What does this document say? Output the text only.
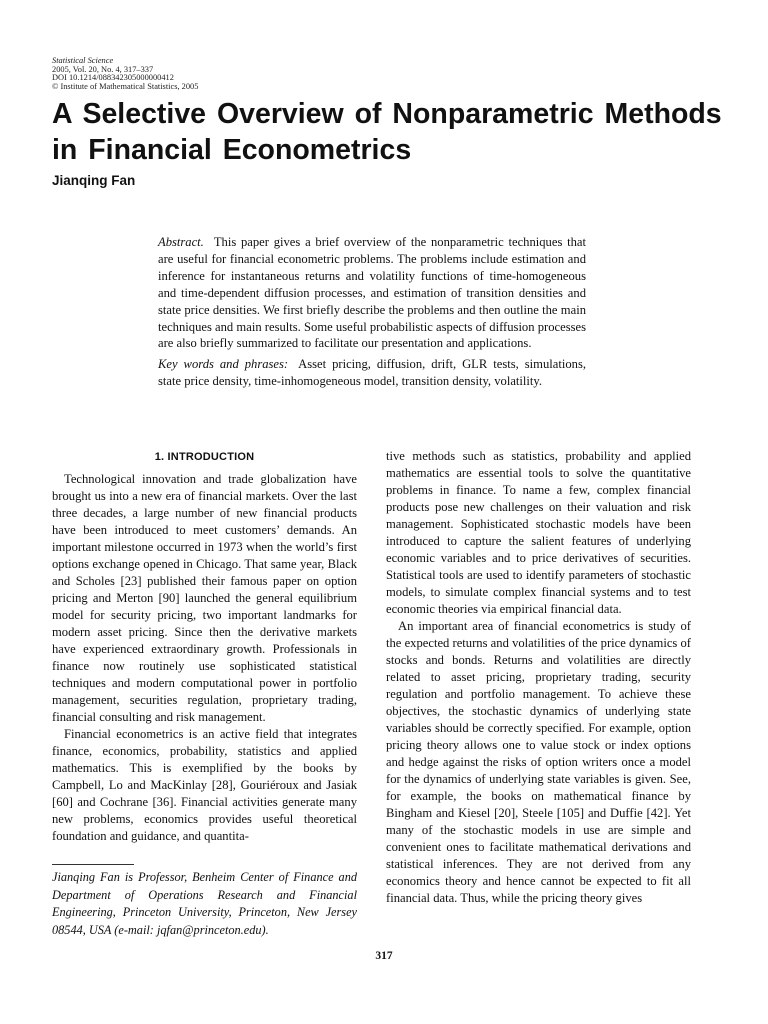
Statistical Science
2005, Vol. 20, No. 4, 317–337
DOI 10.1214/088342305000000412
© Institute of Mathematical Statistics, 2005
A Selective Overview of Nonparametric Methods in Financial Econometrics
Jianqing Fan

Abstract. This paper gives a brief overview of the nonparametric techniques that are useful for financial econometric problems. The problems include estimation and inference for instantaneous returns and volatility functions of time-homogeneous and time-dependent diffusion processes, and estimation of transition densities and state price densities. We first briefly describe the problems and then outline the main techniques and main results. Some useful probabilistic aspects of diffusion processes are also briefly summarized to facilitate our presentation and applications.

Key words and phrases: Asset pricing, diffusion, drift, GLR tests, simulations, state price density, time-inhomogeneous model, transition density, volatility.

1. INTRODUCTION

Technological innovation and trade globalization have brought us into a new era of financial markets. Over the last three decades, a large number of new financial products have been introduced to meet customers’ demands. An important milestone occurred in 1973 when the world’s first options exchange opened in Chicago. That same year, Black and Scholes [23] published their famous paper on option pricing and Merton [90] launched the general equilibrium model for security pricing, two important landmarks for modern asset pricing. Since then the derivative markets have experienced extraordinary growth. Professionals in finance now routinely use sophisticated statistical techniques and modern computational power in portfolio management, securities regulation, proprietary trading, financial consulting and risk management.

Financial econometrics is an active field that integrates finance, economics, probability, statistics and applied mathematics. This is exemplified by the books by Campbell, Lo and MacKinlay [28], Gouriéroux and Jasiak [60] and Cochrane [36]. Financial activities generate many new problems, economics provides useful theoretical foundation and guidance, and quantita-

tive methods such as statistics, probability and applied mathematics are essential tools to solve the quantitative problems in finance. To name a few, complex financial products pose new challenges on their valuation and risk management. Sophisticated stochastic models have been introduced to capture the salient features of underlying economic variables and to price derivatives of securities. Statistical tools are used to identify parameters of stochastic models, to simulate complex financial systems and to test economic theories via empirical financial data.

An important area of financial econometrics is study of the expected returns and volatilities of the price dynamics of stocks and bonds. Returns and volatilities are directly related to asset pricing, proprietary trading, security regulation and portfolio management. To achieve these objectives, the stochastic dynamics of underlying state variables should be correctly specified. For example, option pricing theory allows one to value stock or index options and hedge against the risks of option writers once a model for the dynamics of underlying state variables is given. See, for example, the books on mathematical finance by Bingham and Kiesel [20], Steele [105] and Duffie [42]. Yet many of the stochastic models in use are simple and convenient ones to facilitate mathematical derivations and statistical inferences. They are not derived from any economics theory and hence cannot be expected to fit all financial data. Thus, while the pricing theory gives

Jianqing Fan is Professor, Benheim Center of Finance and Department of Operations Research and Financial Engineering, Princeton University, Princeton, New Jersey 08544, USA (e-mail: jqfan@princeton.edu).
317
